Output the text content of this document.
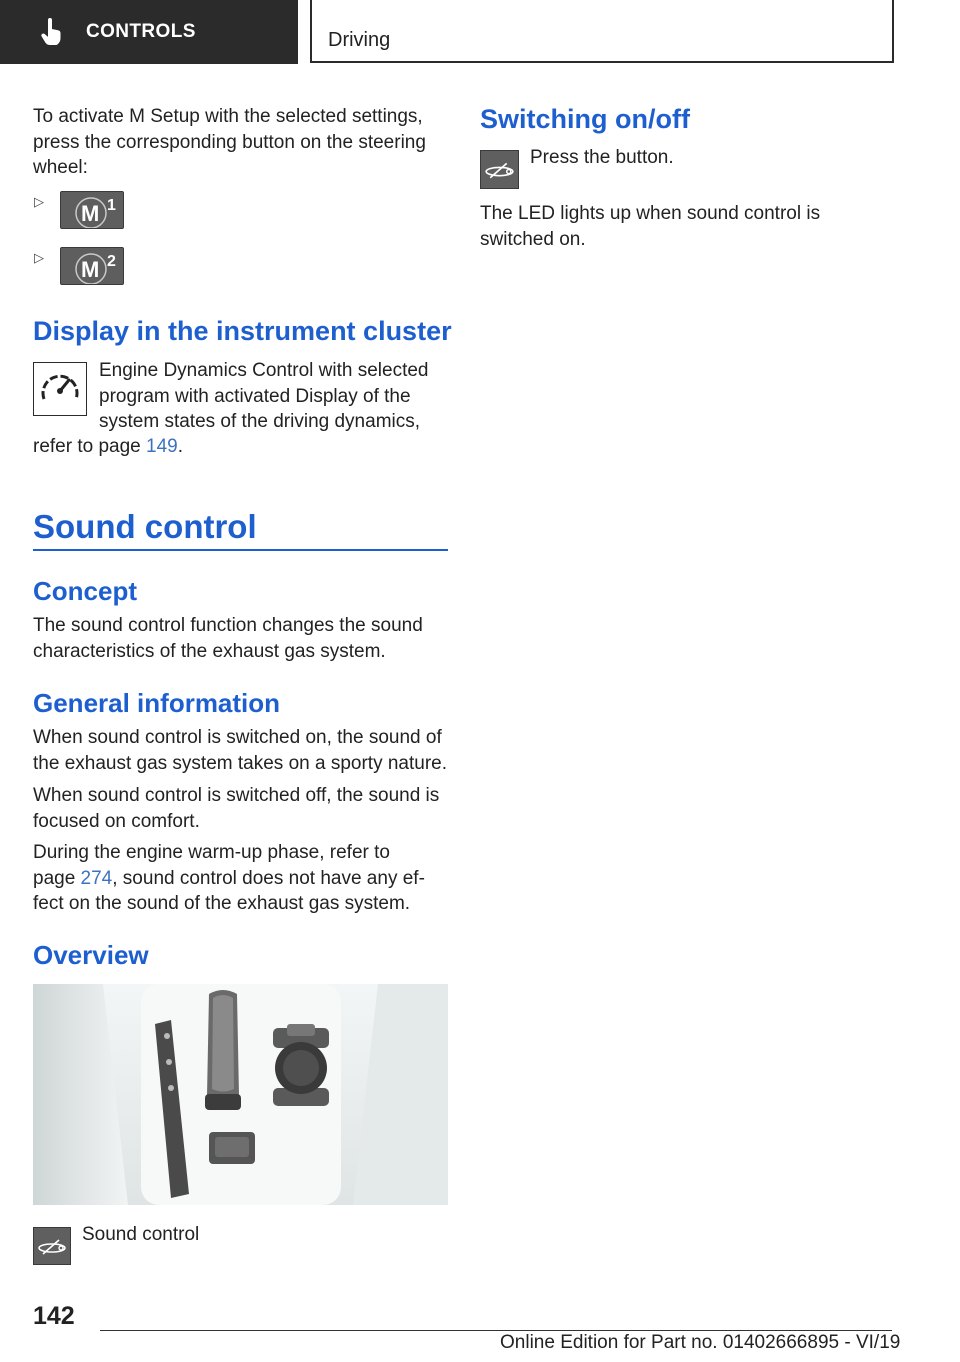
CONTROLS	Driving
To activate M Setup with the selected settings, press the corresponding button on the steering wheel:
▷ M 1
▷ M 2
Display in the instrument cluster
Engine Dynamics Control with selected program with activated Display of the system states of the driving dynamics,
refer to page 149.
Sound control
Concept
The sound control function changes the sound characteristics of the exhaust gas system.
General information
When sound control is switched on, the sound of the exhaust gas system takes on a sporty nature.
When sound control is switched off, the sound is focused on comfort.
During the engine warm-up phase, refer to
page 274, sound control does not have any ef-
fect on the sound of the exhaust gas system.
Overview
Sound control
Switching on/off
Press the button.
The LED lights up when sound control is switched on.
142
Online Edition for Part no. 01402666895 - VI/19
